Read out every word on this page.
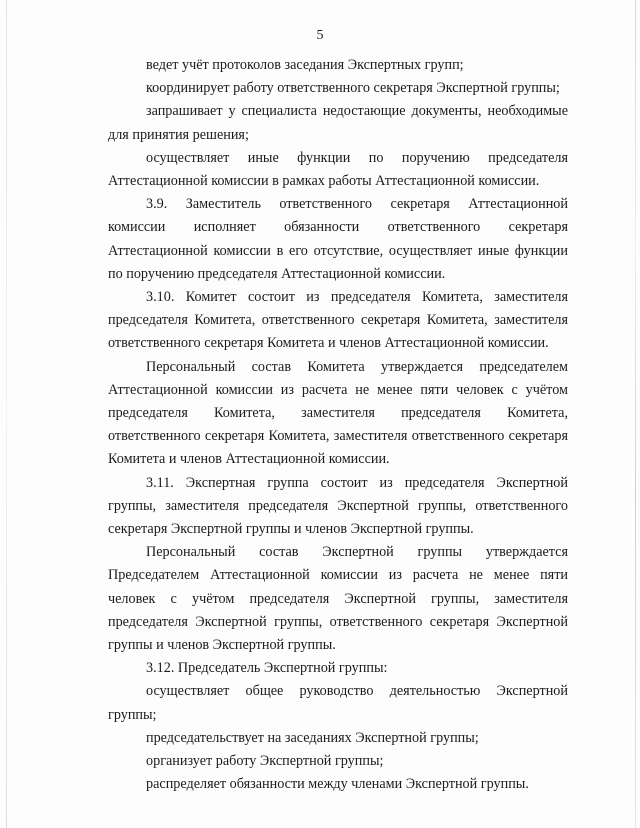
5

ведет учёт протоколов заседания Экспертных групп;

координирует работу ответственного секретаря Экспертной группы;

запрашивает у специалиста недостающие документы, необходимые для принятия решения;

осуществляет иные функции по поручению председателя Аттестационной комиссии в рамках работы Аттестационной комиссии.

3.9. Заместитель ответственного секретаря Аттестационной комиссии исполняет обязанности ответственного секретаря Аттестационной комиссии в его отсутствие, осуществляет иные функции по поручению председателя Аттестационной комиссии.

3.10. Комитет состоит из председателя Комитета, заместителя председателя Комитета, ответственного секретаря Комитета, заместителя ответственного секретаря Комитета и членов Аттестационной комиссии.

Персональный состав Комитета утверждается председателем Аттестационной комиссии из расчета не менее пяти человек с учётом председателя Комитета, заместителя председателя Комитета, ответственного секретаря Комитета, заместителя ответственного секретаря Комитета и членов Аттестационной комиссии.

3.11. Экспертная группа состоит из председателя Экспертной группы, заместителя председателя Экспертной группы, ответственного секретаря Экспертной группы и членов Экспертной группы.

Персональный состав Экспертной группы утверждается Председателем Аттестационной комиссии из расчета не менее пяти человек с учётом председателя Экспертной группы, заместителя председателя Экспертной группы, ответственного секретаря Экспертной группы и членов Экспертной группы.

3.12. Председатель Экспертной группы:

осуществляет общее руководство деятельностью Экспертной группы;

председательствует на заседаниях Экспертной группы;

организует работу Экспертной группы;

распределяет обязанности между членами Экспертной группы.
